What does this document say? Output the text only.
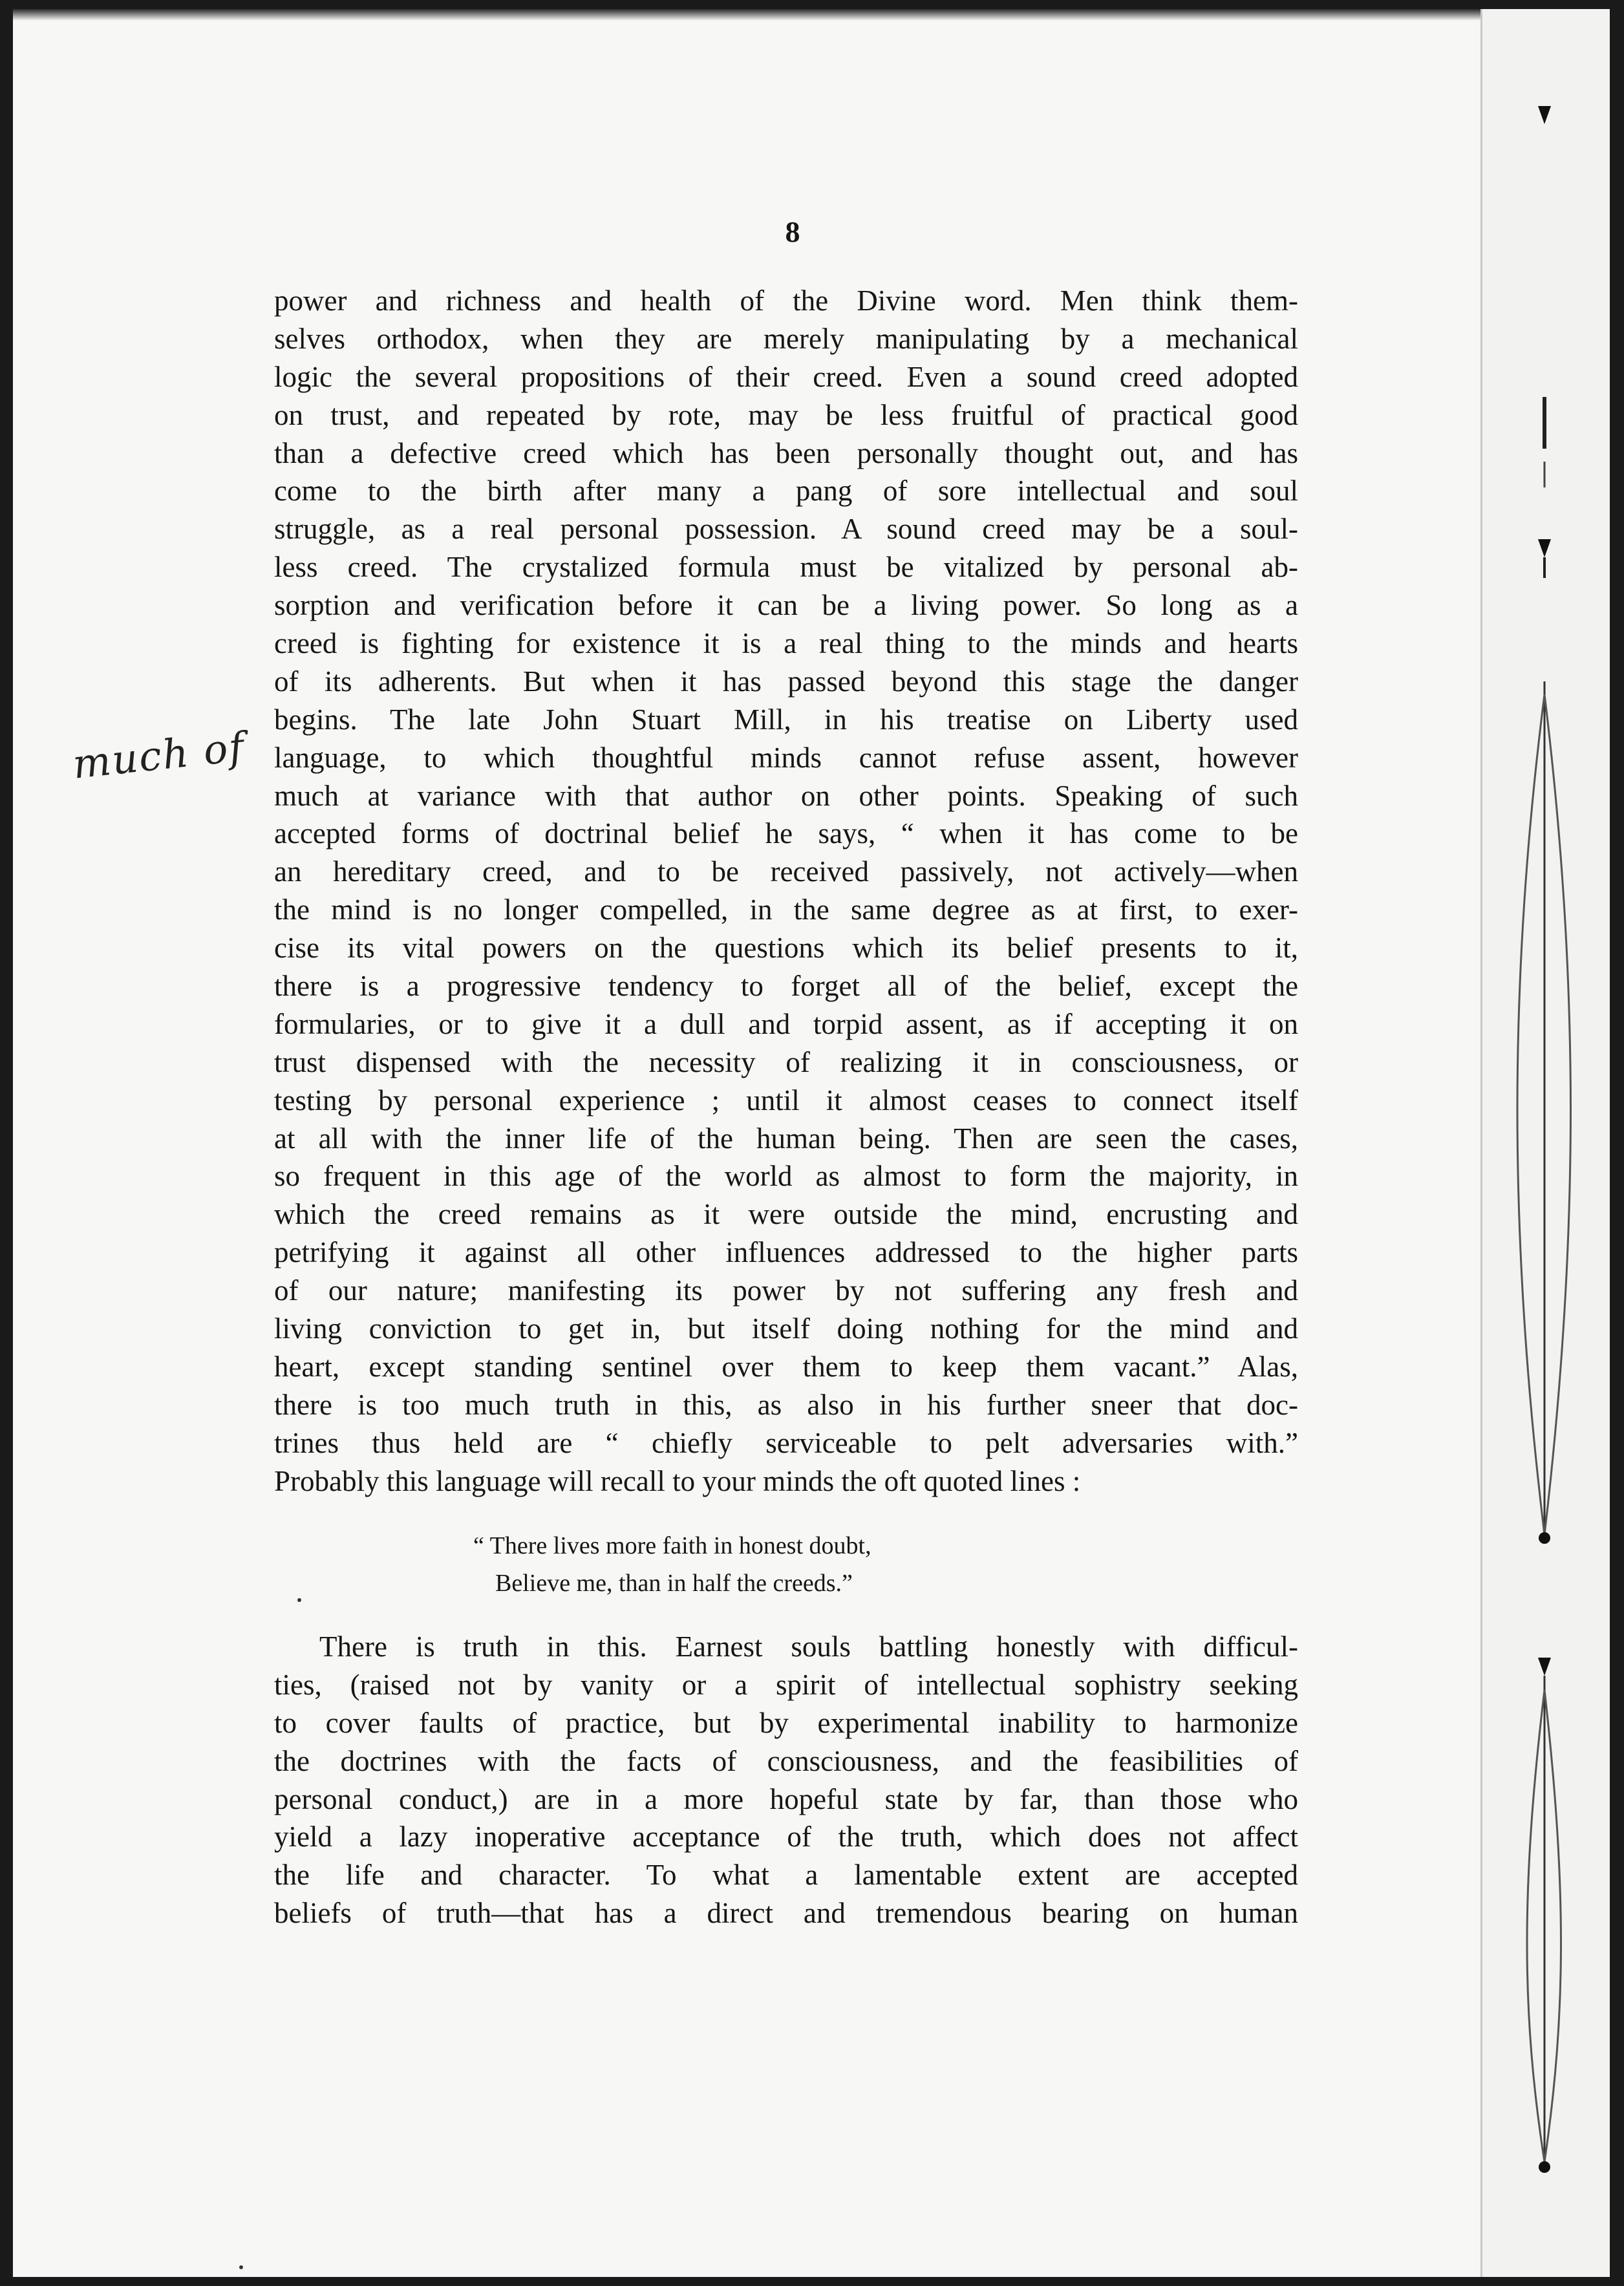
8
much of
power and richness and health of the Divine word. Men think them-
selves orthodox, when they are merely manipulating by a mechanical
logic the several propositions of their creed. Even a sound creed adopted
on trust, and repeated by rote, may be less fruitful of practical good
than a defective creed which has been personally thought out, and has
come to the birth after many a pang of sore intellectual and soul
struggle, as a real personal possession. A sound creed may be a soul-
less creed. The crystalized formula must be vitalized by personal ab-
sorption and verification before it can be a living power. So long as a
creed is fighting for existence it is a real thing to the minds and hearts
of its adherents. But when it has passed beyond this stage the danger
begins. The late John Stuart Mill, in his treatise on Liberty used
language, to which thoughtful minds cannot refuse assent, however
much at variance with that author on other points. Speaking of such
accepted forms of doctrinal belief he says, “ when it has come to be
an hereditary creed, and to be received passively, not actively—when
the mind is no longer compelled, in the same degree as at first, to exer-
cise its vital powers on the questions which its belief presents to it,
there is a progressive tendency to forget all of the belief, except the
formularies, or to give it a dull and torpid assent, as if accepting it on
trust dispensed with the necessity of realizing it in consciousness, or
testing by personal experience ; until it almost ceases to connect itself
at all with the inner life of the human being. Then are seen the cases,
so frequent in this age of the world as almost to form the majority, in
which the creed remains as it were outside the mind, encrusting and
petrifying it against all other influences addressed to the higher parts
of our nature; manifesting its power by not suffering any fresh and
living conviction to get in, but itself doing nothing for the mind and
heart, except standing sentinel over them to keep them vacant.” Alas,
there is too much truth in this, as also in his further sneer that doc-
trines thus held are “ chiefly serviceable to pelt adversaries with.”
Probably this language will recall to your minds the oft quoted lines :
“ There lives more faith in honest doubt,
Believe me, than in half the creeds.”
There is truth in this. Earnest souls battling honestly with difficul-
ties, (raised not by vanity or a spirit of intellectual sophistry seeking
to cover faults of practice, but by experimental inability to harmonize
the doctrines with the facts of consciousness, and the feasibilities of
personal conduct,) are in a more hopeful state by far, than those who
yield a lazy inoperative acceptance of the truth, which does not affect
the life and character. To what a lamentable extent are accepted
beliefs of truth—that has a direct and tremendous bearing on human
